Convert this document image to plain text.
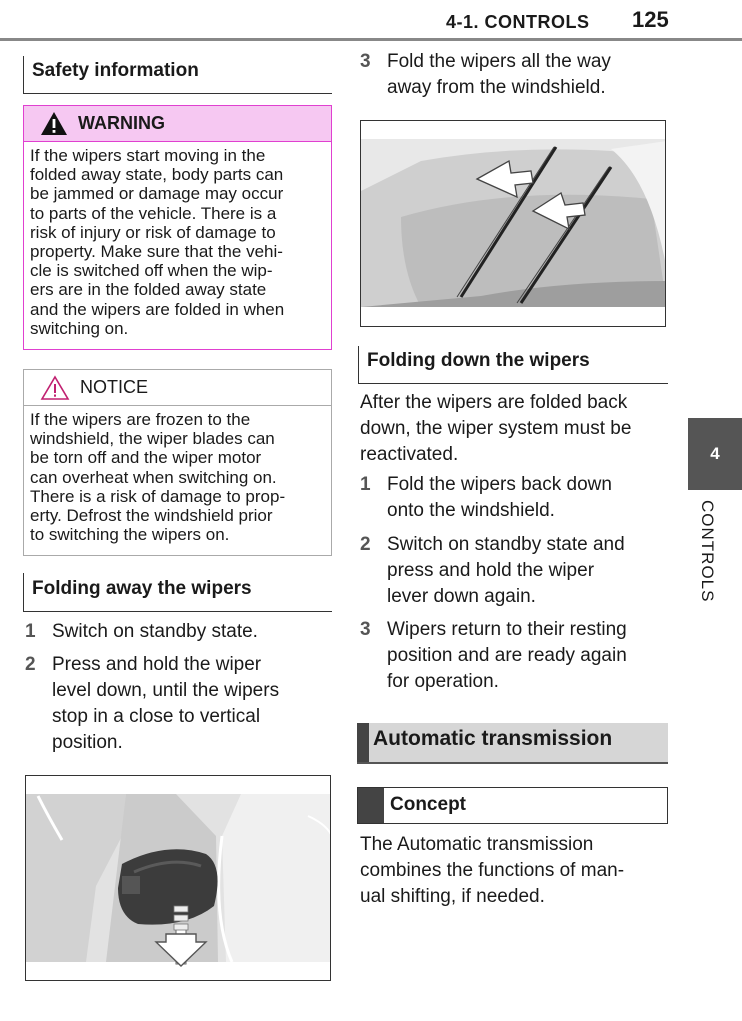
4-1. CONTROLS 125
4
CONTROLS
Safety information
WARNING
If the wipers start moving in the
folded away state, body parts can
be jammed or damage may occur
to parts of the vehicle. There is a
risk of injury or risk of damage to
property. Make sure that the vehi-
cle is switched off when the wip-
ers are in the folded away state
and the wipers are folded in when
switching on.
NOTICE
If the wipers are frozen to the
windshield, the wiper blades can
be torn off and the wiper motor
can overheat when switching on.
There is a risk of damage to prop-
erty. Defrost the windshield prior
to switching the wipers on.
Folding away the wipers
1 Switch on standby state.
2 Press and hold the wiper
level down, until the wipers
stop in a close to vertical
position.
3 Fold the wipers all the way
away from the windshield.
Folding down the wipers
After the wipers are folded back
down, the wiper system must be
reactivated.
1 Fold the wipers back down
onto the windshield.
2 Switch on standby state and
press and hold the wiper
lever down again.
3 Wipers return to their resting
position and are ready again
for operation.
Automatic transmission
Concept
The Automatic transmission
combines the functions of man-
ual shifting, if needed.
